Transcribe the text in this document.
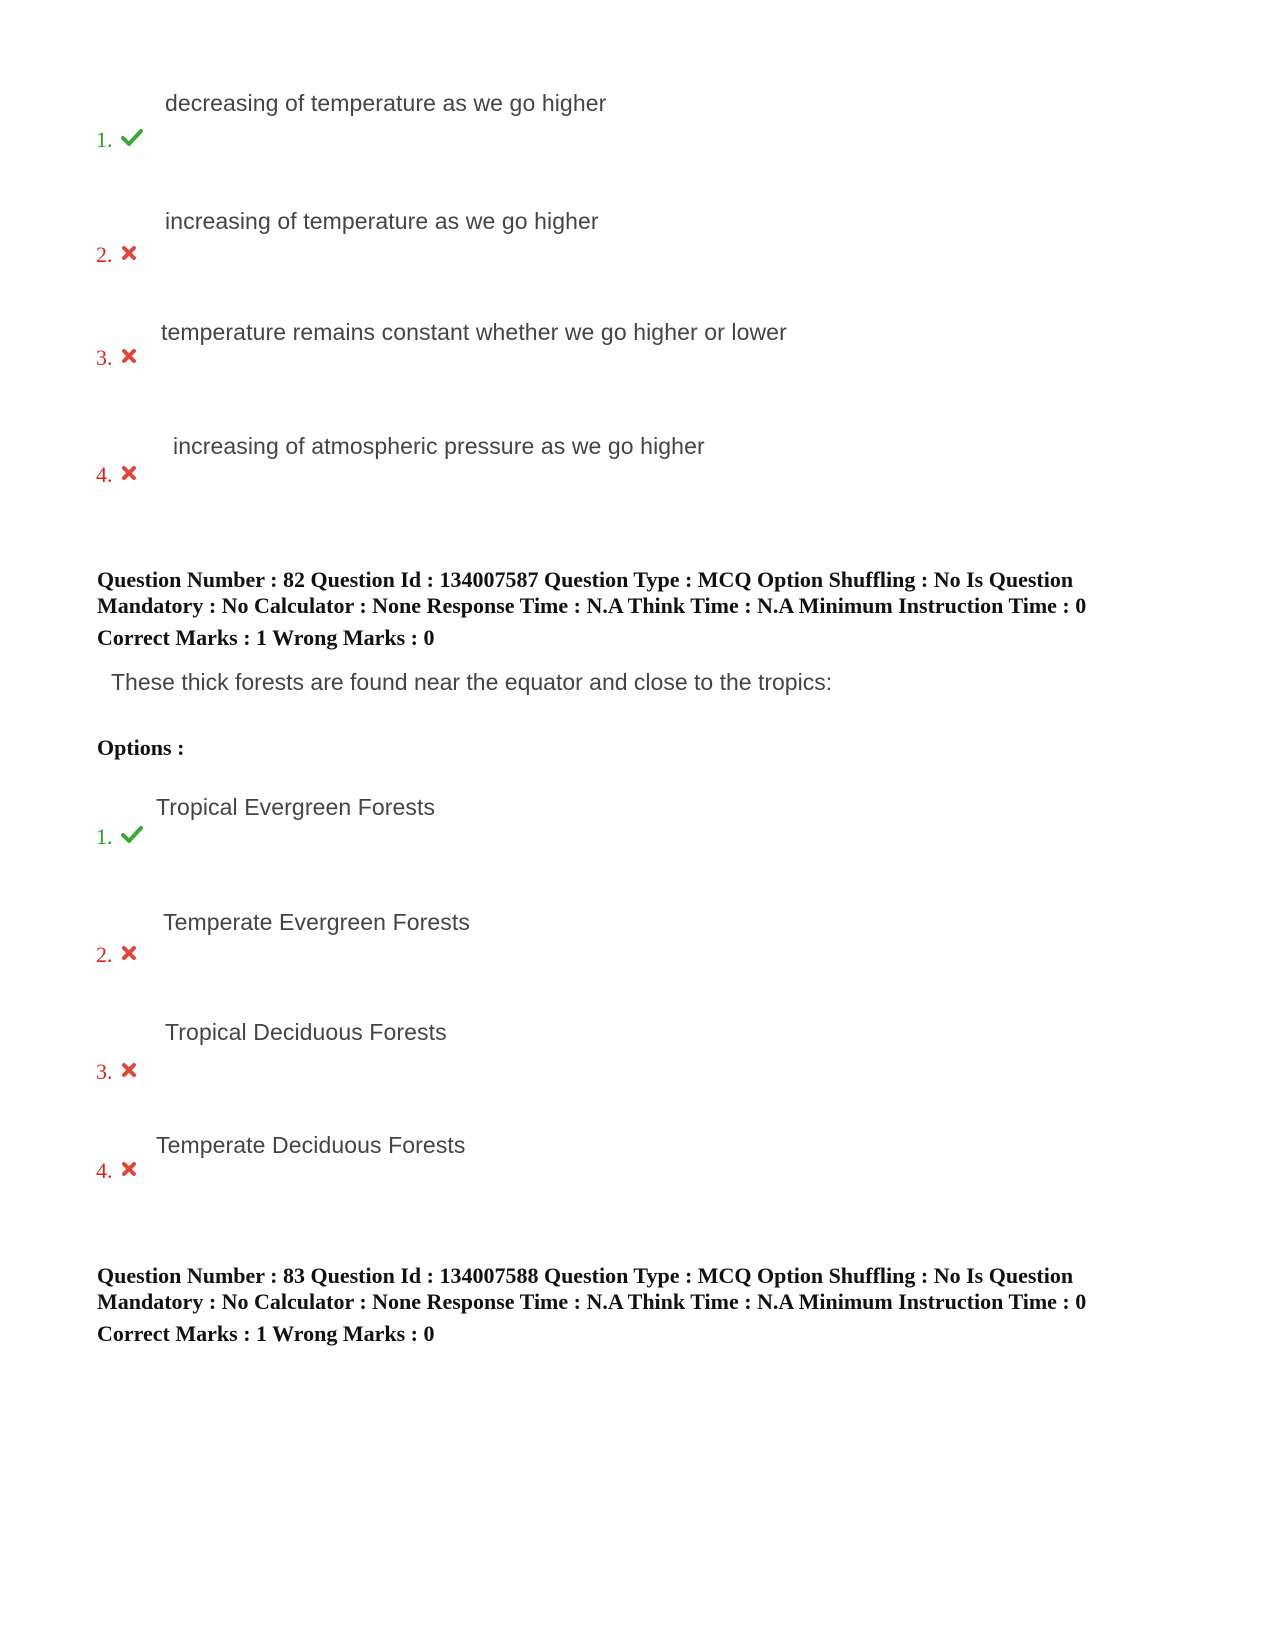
decreasing of temperature as we go higher
1.
increasing of temperature as we go higher
2.
temperature remains constant whether we go higher or lower
3.
increasing of atmospheric pressure as we go higher
4.
Question Number : 82 Question Id : 134007587 Question Type : MCQ Option Shuffling : No Is Question
Mandatory : No Calculator : None Response Time : N.A Think Time : N.A Minimum Instruction Time : 0
Correct Marks : 1 Wrong Marks : 0
These thick forests are found near the equator and close to the tropics:
Options :
Tropical Evergreen Forests
1.
Temperate Evergreen Forests
2.
Tropical Deciduous Forests
3.
Temperate Deciduous Forests
4.
Question Number : 83 Question Id : 134007588 Question Type : MCQ Option Shuffling : No Is Question
Mandatory : No Calculator : None Response Time : N.A Think Time : N.A Minimum Instruction Time : 0
Correct Marks : 1 Wrong Marks : 0
